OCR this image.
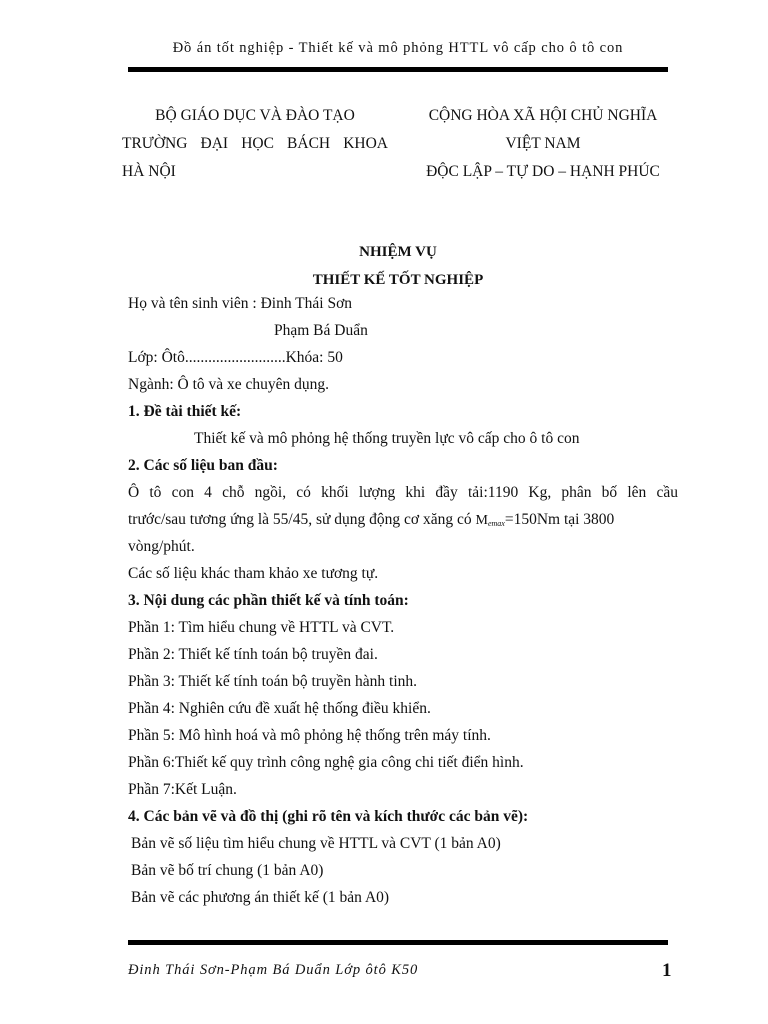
Đồ án tốt nghiệp - Thiết kế và mô phỏng HTTL vô cấp cho ô tô con
BỘ GIÁO DỤC VÀ ĐÀO TẠO
TRƯỜNG ĐẠI HỌC BÁCH KHOA
HÀ NỘI
CỘNG HÒA XÃ HỘI CHỦ NGHĨA
VIỆT NAM
ĐỘC LẬP – TỰ DO – HẠNH PHÚC
NHIỆM VỤ
THIẾT KẾ TỐT NGHIỆP
Họ và tên sinh viên : Đinh Thái Sơn
Phạm Bá Duẩn
Lớp: Ôtô..........................Khóa: 50
Ngành: Ô tô và xe chuyên dụng.
1. Đề tài thiết kế:
Thiết kế và mô phỏng hệ thống truyền lực vô cấp cho ô tô con
2. Các số liệu ban đầu:
Ô tô con 4 chỗ ngồi, có khối lượng khi đầy tải:1190 Kg, phân bố lên cầu
trước/sau tương ứng là 55/45, sử dụng động cơ xăng có $M_{emax}=150Nm$ tại 3800
vòng/phút.
Các số liệu khác tham khảo xe tương tự.
3. Nội dung các phần thiết kế và tính toán:
Phần 1: Tìm hiểu chung về HTTL và CVT.
Phần 2: Thiết kế tính toán bộ truyền đai.
Phần 3: Thiết kế tính toán bộ truyền hành tinh.
Phần 4: Nghiên cứu đề xuất hệ thống điều khiển.
Phần 5: Mô hình hoá và mô phỏng hệ thống trên máy tính.
Phần 6:Thiết kế quy trình công nghệ gia công chi tiết điển hình.
Phần 7:Kết Luận.
4. Các bản vẽ và đồ thị (ghi rõ tên và kích thước các bản vẽ):
Bản vẽ số liệu tìm hiểu chung về HTTL và CVT (1 bản A0)
Bản vẽ bố trí chung (1 bản A0)
Bản vẽ các phương án thiết kế (1 bản A0)
Đinh Thái Sơn-Phạm Bá Duẩn Lớp ôtô K50	1
